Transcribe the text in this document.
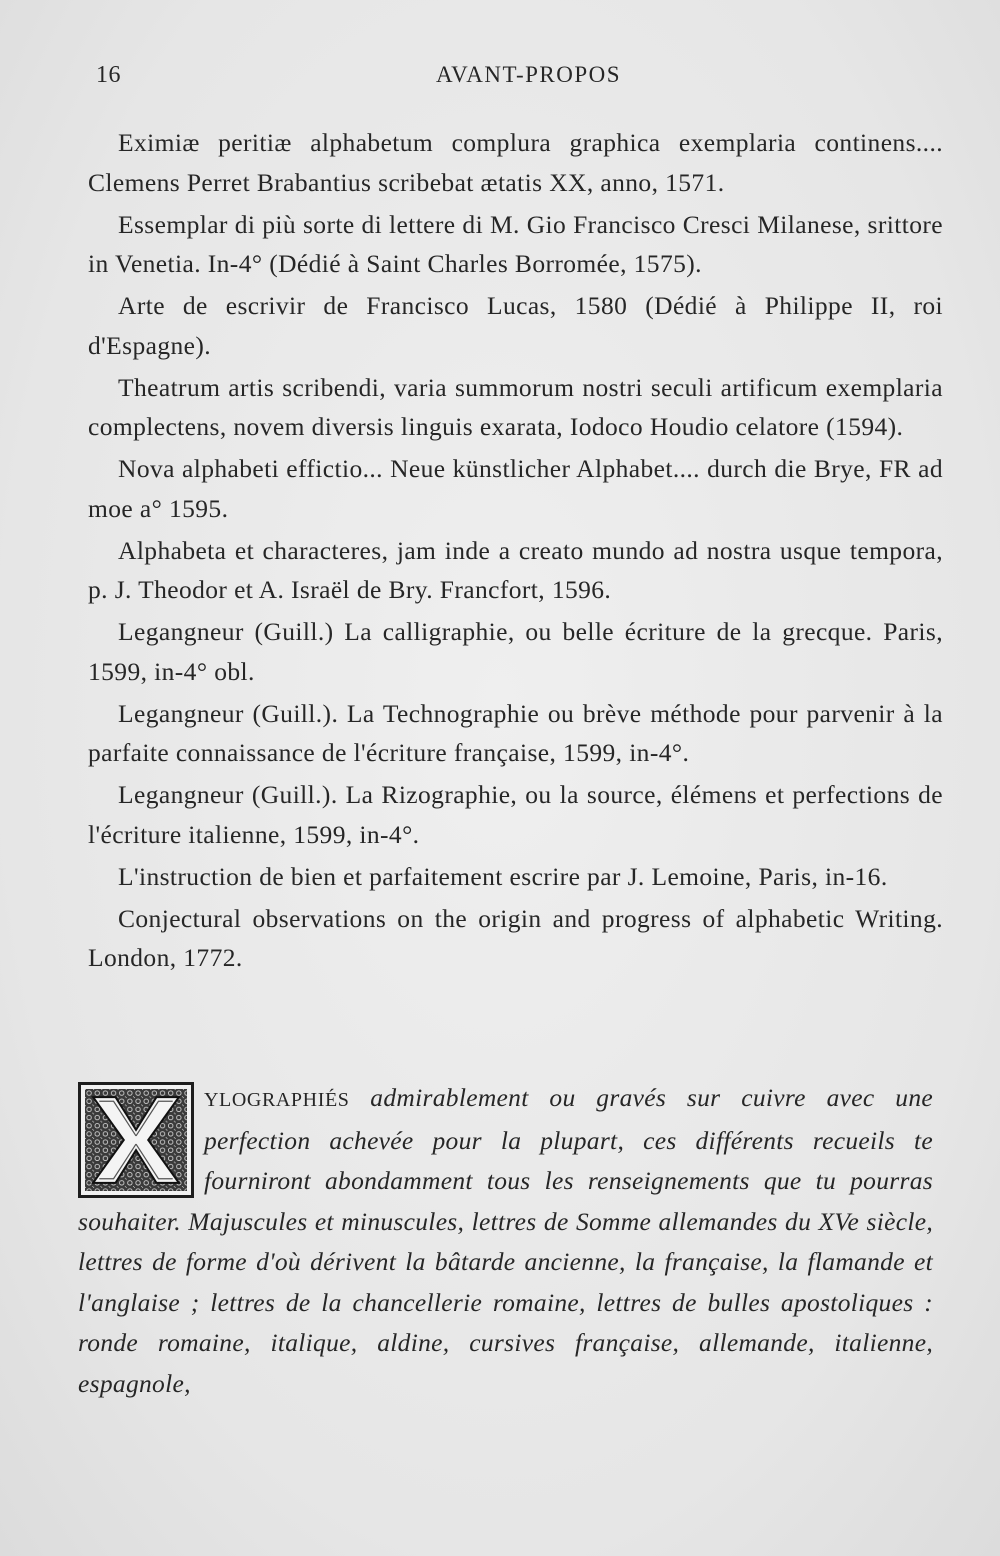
16	AVANT-PROPOS

Eximiæ peritiæ alphabetum complura graphica exemplaria continens.... Clemens Perret Brabantius scribebat ætatis XX, anno, 1571.

Essemplar di più sorte di lettere di M. Gio Francisco Cresci Milanese, srittore in Venetia. In-4° (Dédié à Saint Charles Borromée, 1575).

Arte de escrivir de Francisco Lucas, 1580 (Dédié à Philippe II, roi d'Espagne).

Theatrum artis scribendi, varia summorum nostri seculi artificum exemplaria complectens, novem diversis linguis exarata, Iodoco Houdio celatore (1594).

Nova alphabeti effictio... Neue künstlicher Alphabet.... durch die Brye, FR ad moe a° 1595.

Alphabeta et characteres, jam inde a creato mundo ad nostra usque tempora, p. J. Theodor et A. Israël de Bry. Francfort, 1596.

Legangneur (Guill.) La calligraphie, ou belle écriture de la grecque. Paris, 1599, in-4° obl.

Legangneur (Guill.). La Technographie ou brève méthode pour parvenir à la parfaite connaissance de l'écriture française, 1599, in-4°.

Legangneur (Guill.). La Rizographie, ou la source, élémens et perfections de l'écriture italienne, 1599, in-4°.

L'instruction de bien et parfaitement escrire par J. Lemoine, Paris, in-16.

Conjectural observations on the origin and progress of alphabetic Writing. London, 1772.

YLOGRAPHIÉS admirablement ou gravés sur cuivre avec une perfection achevée pour la plupart, ces différents recueils te fourniront abondamment tous les renseignements que tu pourras souhaiter. Majuscules et minuscules, lettres de Somme allemandes du XVe siècle, lettres de forme d'où dérivent la bâtarde ancienne, la française, la flamande et l'anglaise ; lettres de la chancellerie romaine, lettres de bulles apostoliques : ronde romaine, italique, aldine, cursives française, allemande, italienne, espagnole,
